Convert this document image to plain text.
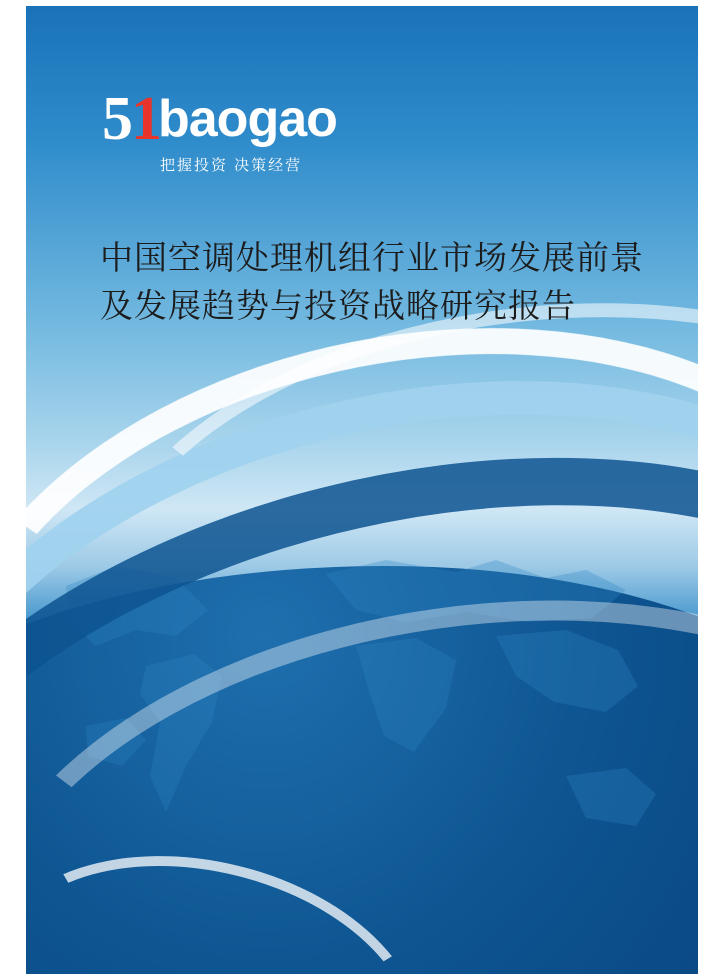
51
baogao
把握投资 决策经营
中国空调处理机组行业市场发展前景
及发展趋势与投资战略研究报告
